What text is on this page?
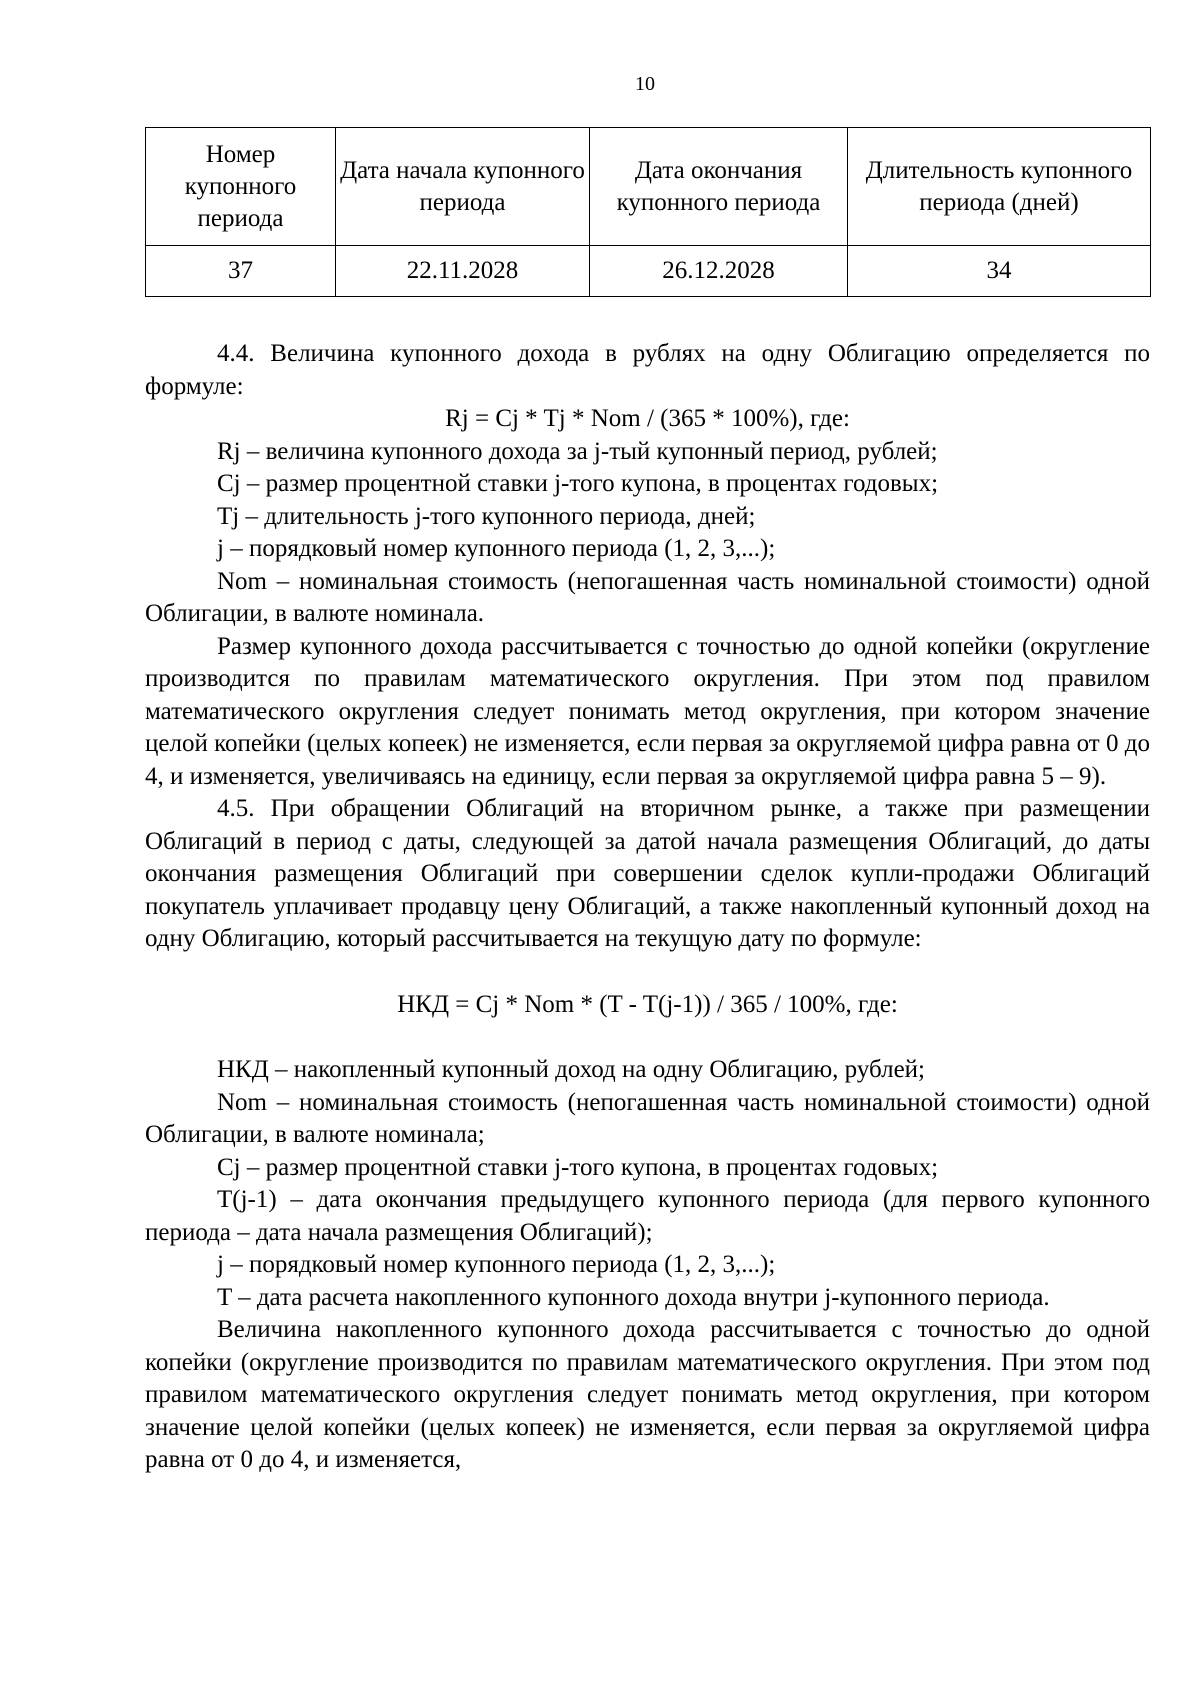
10
Номер купонного периода	Дата начала купонного периода	Дата окончания купонного периода	Длительность купонного периода (дней)
37	22.11.2028	26.12.2028	34

4.4. Величина купонного дохода в рублях на одну Облигацию определяется по формуле:

Rj = Cj * Tj * Nom / (365 * 100%), где:

Rj – величина купонного дохода за j-тый купонный период, рублей;

Cj – размер процентной ставки j-того купона, в процентах годовых;

Tj – длительность j-того купонного периода, дней;

j – порядковый номер купонного периода (1, 2, 3,...);

Nom – номинальная стоимость (непогашенная часть номинальной стоимости) одной Облигации, в валюте номинала.

Размер купонного дохода рассчитывается с точностью до одной копейки (округление производится по правилам математического округления. При этом под правилом математического округления следует понимать метод округления, при котором значение целой копейки (целых копеек) не изменяется, если первая за округляемой цифра равна от 0 до 4, и изменяется, увеличиваясь на единицу, если первая за округляемой цифра равна 5 – 9).

4.5. При обращении Облигаций на вторичном рынке, а также при размещении Облигаций в период с даты, следующей за датой начала размещения Облигаций, до даты окончания размещения Облигаций при совершении сделок купли-продажи Облигаций покупатель уплачивает продавцу цену Облигаций, а также накопленный купонный доход на одну Облигацию, который рассчитывается на текущую дату по формуле:

НКД = Cj * Nom * (T - T(j-1)) / 365 / 100%, где:

НКД – накопленный купонный доход на одну Облигацию, рублей;

Nom – номинальная стоимость (непогашенная часть номинальной стоимости) одной Облигации, в валюте номинала;

Cj – размер процентной ставки j-того купона, в процентах годовых;

T(j-1) – дата окончания предыдущего купонного периода (для первого купонного периода – дата начала размещения Облигаций);

j – порядковый номер купонного периода (1, 2, 3,...);

T – дата расчета накопленного купонного дохода внутри j-купонного периода.

Величина накопленного купонного дохода рассчитывается с точностью до одной копейки (округление производится по правилам математического округления. При этом под правилом математического округления следует понимать метод округления, при котором значение целой копейки (целых копеек) не изменяется, если первая за округляемой цифра равна от 0 до 4, и изменяется,
